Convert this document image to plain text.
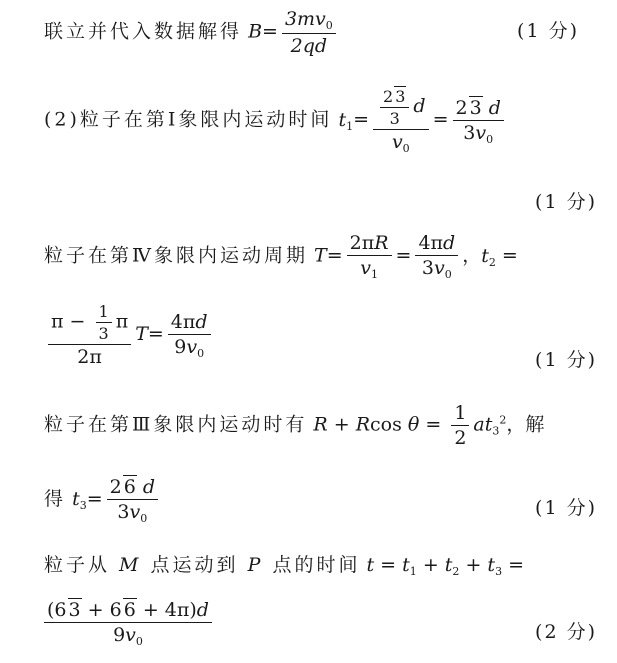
联立并代入数据解得 $B= \frac{3mv_0}{2qd}$	(1 分)
(2)粒子在第Ⅰ象限内运动时间 $t_1= \frac{\frac{2 3}{3} d}{v_0} = \frac{2 3 d}{3v_0}$
(1 分)
粒子在第Ⅳ象限内运动周期 $T= \frac{2\pi R}{v_1} = \frac{4\pi d}{3v_0}$ ，$t_2$ =
$\frac{\pi - \frac{1}{3} \pi}{2\pi} T= \frac{4\pi d}{9v_0}$
(1 分)
粒子在第Ⅲ象限内运动时有 R + Rcos $\theta = \frac{1}{2} at_3^2$，解
得 $t_3= \frac{2 6 d}{3v_0}$	(1 分)
粒子从 M 点运动到 P 点的时间 $t = t_1 + t_2 + t_3$ =
$\frac{(6 3 + 6 6 + 4\pi)d}{9v_0}$	(2 分)
